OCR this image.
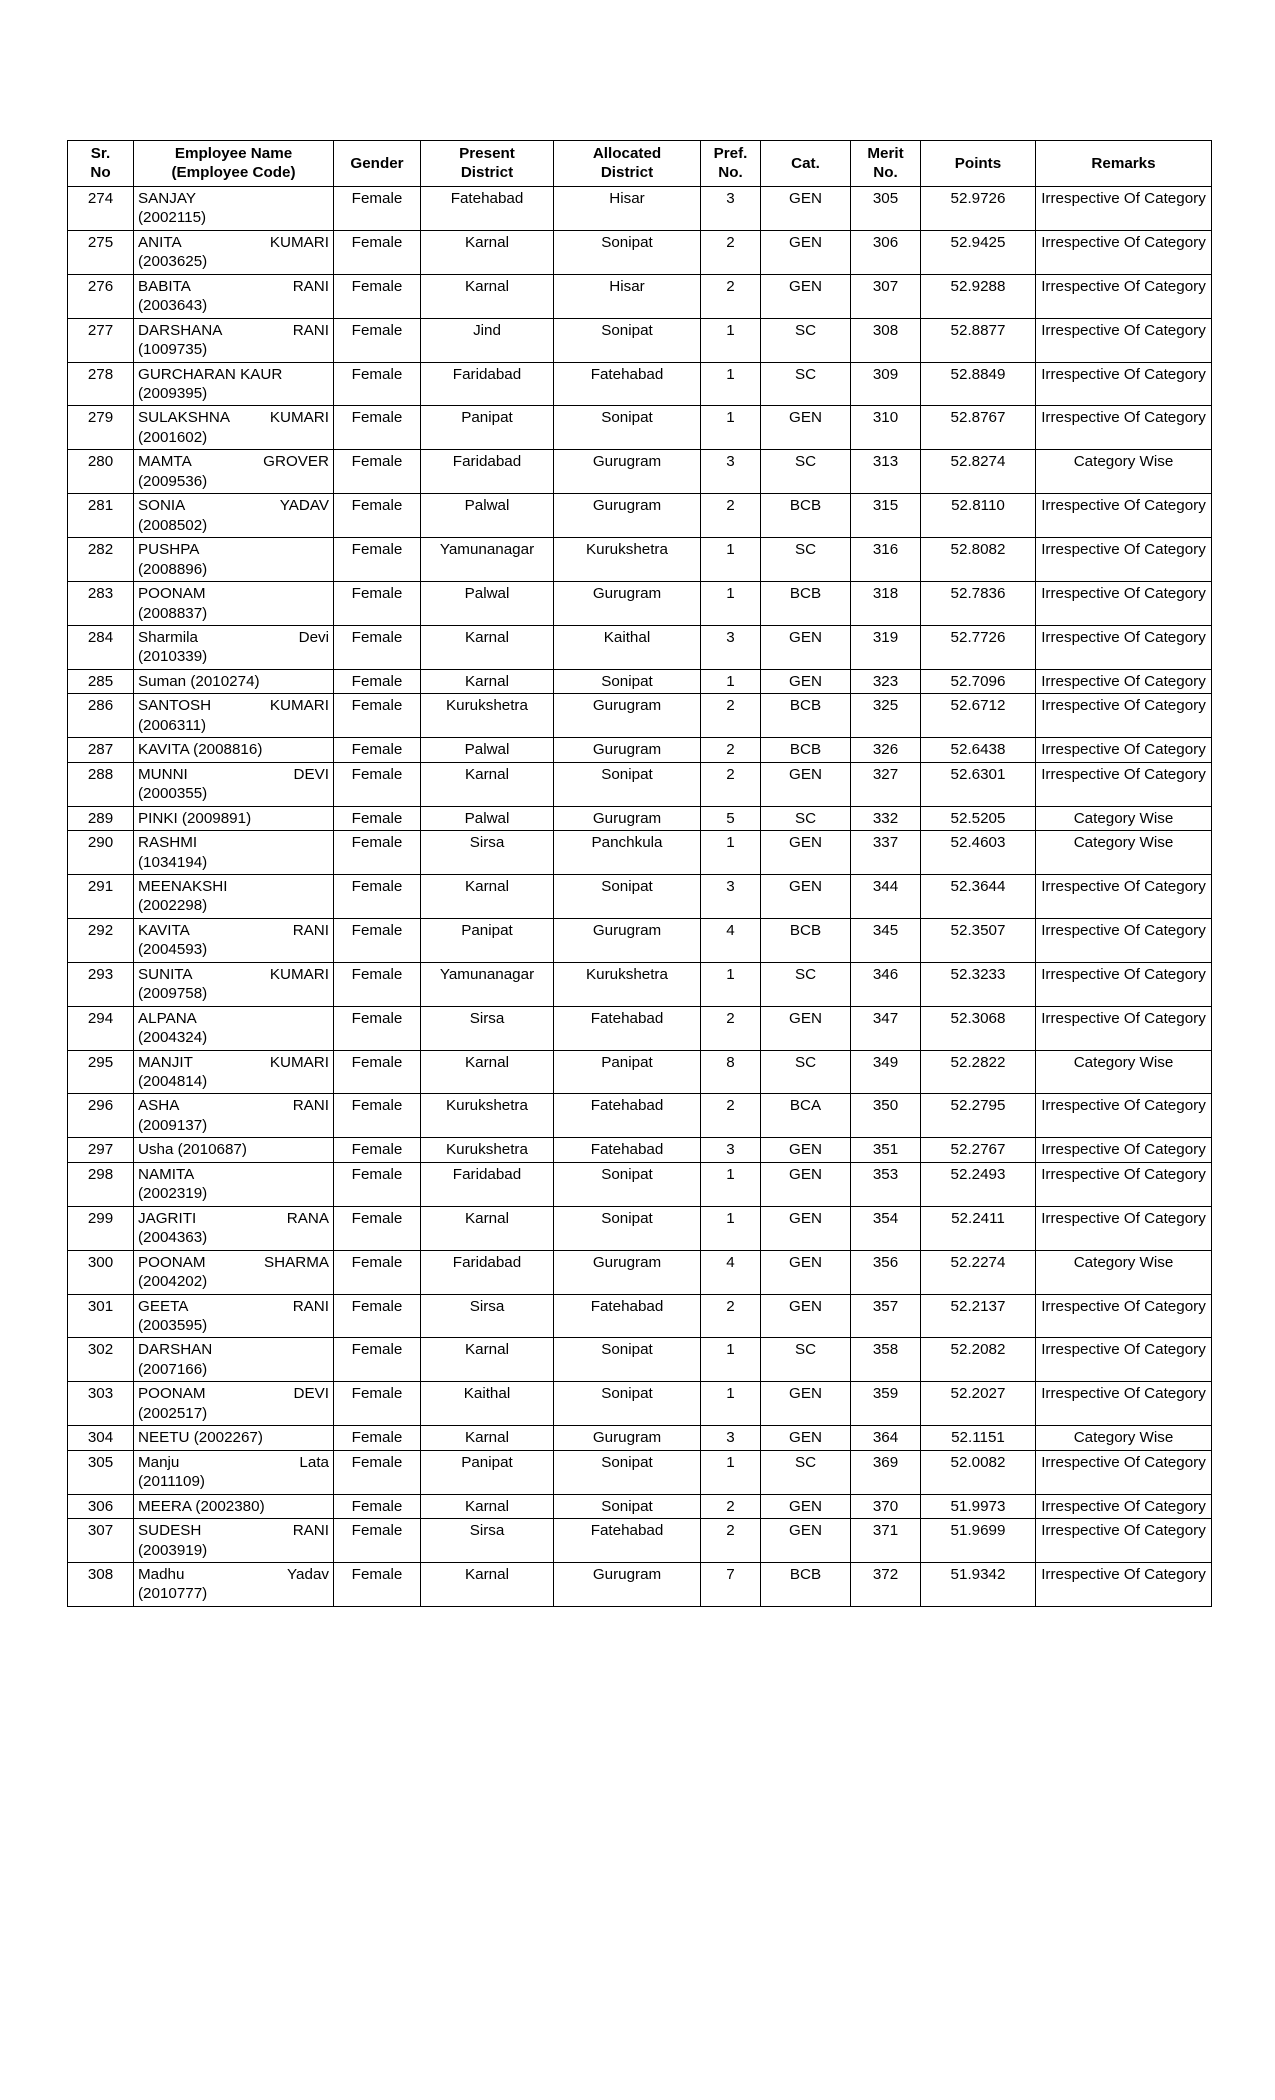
Sr.
No	Employee Name
(Employee Code)	Gender	Present
District	Allocated
District	Pref.
No.	Cat.	Merit
No.	Points	Remarks

274	SANJAY
(2002115)	Female	Fatehabad	Hisar	3	GEN	305	52.9726	Irrespective Of Category
275	ANITA KUMARI
(2003625)	Female	Karnal	Sonipat	2	GEN	306	52.9425	Irrespective Of Category
276	BABITA RANI
(2003643)	Female	Karnal	Hisar	2	GEN	307	52.9288	Irrespective Of Category
277	DARSHANA RANI
(1009735)	Female	Jind	Sonipat	1	SC	308	52.8877	Irrespective Of Category
278	GURCHARAN KAUR (2009395)	Female	Faridabad	Fatehabad	1	SC	309	52.8849	Irrespective Of Category
279	SULAKSHNA KUMARI
(2001602)	Female	Panipat	Sonipat	1	GEN	310	52.8767	Irrespective Of Category
280	MAMTA GROVER
(2009536)	Female	Faridabad	Gurugram	3	SC	313	52.8274	Category Wise
281	SONIA YADAV
(2008502)	Female	Palwal	Gurugram	2	BCB	315	52.8110	Irrespective Of Category
282	PUSHPA
(2008896)	Female	Yamunanagar	Kurukshetra	1	SC	316	52.8082	Irrespective Of Category
283	POONAM
(2008837)	Female	Palwal	Gurugram	1	BCB	318	52.7836	Irrespective Of Category
284	Sharmila Devi
(2010339)	Female	Karnal	Kaithal	3	GEN	319	52.7726	Irrespective Of Category
285	Suman (2010274)	Female	Karnal	Sonipat	1	GEN	323	52.7096	Irrespective Of Category
286	SANTOSH KUMARI
(2006311)	Female	Kurukshetra	Gurugram	2	BCB	325	52.6712	Irrespective Of Category
287	KAVITA (2008816)	Female	Palwal	Gurugram	2	BCB	326	52.6438	Irrespective Of Category
288	MUNNI DEVI
(2000355)	Female	Karnal	Sonipat	2	GEN	327	52.6301	Irrespective Of Category
289	PINKI (2009891)	Female	Palwal	Gurugram	5	SC	332	52.5205	Category Wise
290	RASHMI
(1034194)	Female	Sirsa	Panchkula	1	GEN	337	52.4603	Category Wise
291	MEENAKSHI
(2002298)	Female	Karnal	Sonipat	3	GEN	344	52.3644	Irrespective Of Category
292	KAVITA RANI
(2004593)	Female	Panipat	Gurugram	4	BCB	345	52.3507	Irrespective Of Category
293	SUNITA KUMARI
(2009758)	Female	Yamunanagar	Kurukshetra	1	SC	346	52.3233	Irrespective Of Category
294	ALPANA
(2004324)	Female	Sirsa	Fatehabad	2	GEN	347	52.3068	Irrespective Of Category
295	MANJIT KUMARI
(2004814)	Female	Karnal	Panipat	8	SC	349	52.2822	Category Wise
296	ASHA RANI
(2009137)	Female	Kurukshetra	Fatehabad	2	BCA	350	52.2795	Irrespective Of Category
297	Usha (2010687)	Female	Kurukshetra	Fatehabad	3	GEN	351	52.2767	Irrespective Of Category
298	NAMITA
(2002319)	Female	Faridabad	Sonipat	1	GEN	353	52.2493	Irrespective Of Category
299	JAGRITI RANA
(2004363)	Female	Karnal	Sonipat	1	GEN	354	52.2411	Irrespective Of Category
300	POONAM SHARMA
(2004202)	Female	Faridabad	Gurugram	4	GEN	356	52.2274	Category Wise
301	GEETA RANI
(2003595)	Female	Sirsa	Fatehabad	2	GEN	357	52.2137	Irrespective Of Category
302	DARSHAN
(2007166)	Female	Karnal	Sonipat	1	SC	358	52.2082	Irrespective Of Category
303	POONAM DEVI
(2002517)	Female	Kaithal	Sonipat	1	GEN	359	52.2027	Irrespective Of Category
304	NEETU (2002267)	Female	Karnal	Gurugram	3	GEN	364	52.1151	Category Wise
305	Manju Lata
(2011109)	Female	Panipat	Sonipat	1	SC	369	52.0082	Irrespective Of Category
306	MEERA (2002380)	Female	Karnal	Sonipat	2	GEN	370	51.9973	Irrespective Of Category
307	SUDESH RANI
(2003919)	Female	Sirsa	Fatehabad	2	GEN	371	51.9699	Irrespective Of Category
308	Madhu Yadav
(2010777)	Female	Karnal	Gurugram	7	BCB	372	51.9342	Irrespective Of Category
